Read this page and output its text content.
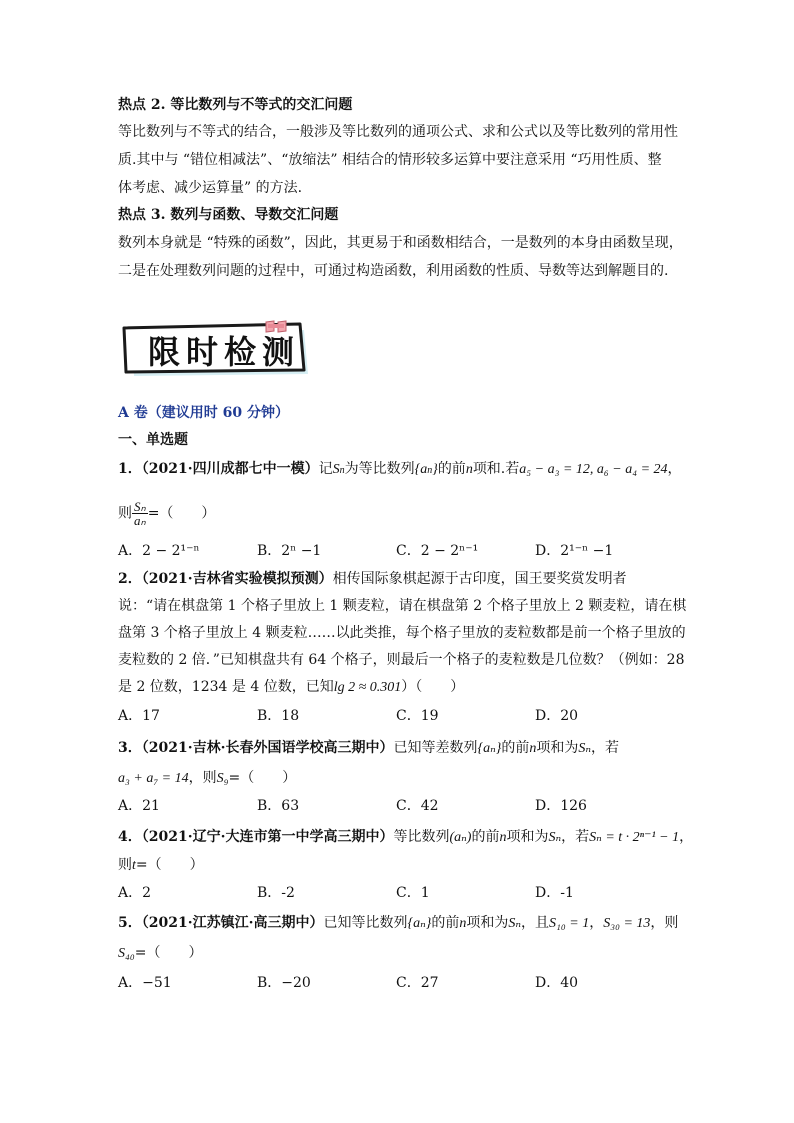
热点 2. 等比数列与不等式的交汇问题
等比数列与不等式的结合，一般涉及等比数列的通项公式、求和公式以及等比数列的常用性
质.其中与 “错位相减法”、“放缩法” 相结合的情形较多运算中要注意采用 “巧用性质、整
体考虑、减少运算量” 的方法.
热点 3. 数列与函数、导数交汇问题
数列本身就是 “特殊的函数”，因此，其更易于和函数相结合，一是数列的本身由函数呈现，
二是在处理数列问题的过程中，可通过构造函数，利用函数的性质、导数等达到解题目的.
限时检测
A 卷（建议用时 60 分钟）
一、单选题
1．（2021·四川成都七中一模）记Sn为等比数列{an}的前n项和.若a₅ − a₃ = 12, a₆ − a₄ = 24，
则 $\frac{\text{Sₙ}}{\text{aₙ}}$ =（　　）
A．2 − 2¹⁻ⁿ	B．2ⁿ −1	C．2 − 2ⁿ⁻¹	D．2¹⁻ⁿ −1
2．（2021·吉林省实验模拟预测）相传国际象棋起源于古印度，国王要奖赏发明者
说：“请在棋盘第 1 个格子里放上 1 颗麦粒，请在棋盘第 2 个格子里放上 2 颗麦粒，请在棋
盘第 3 个格子里放上 4 颗麦粒……以此类推，每个格子里放的麦粒数都是前一个格子里放的
麦粒数的 2 倍．”已知棋盘共有 64 个格子，则最后一个格子的麦粒数是几位数？（例如：28
是 2 位数，1234 是 4 位数，已知lg 2 ≈ 0.301）（　　）
A．17	B．18	C．19	D．20
3．（2021·吉林·长春外国语学校高三期中）已知等差数列{aₙ}的前n项和为Sₙ，若
a₃ + a₇ = 14，则S₉=（　　）
A．21	B．63	C．42	D．126
4．（2021·辽宁·大连市第一中学高三期中）等比数列(aₙ)的前n项和为Sₙ，若Sₙ = t · 2ⁿ⁻¹ − 1，
则t=（　　）
A．2	B．-2	C．1	D．-1
5．（2021·江苏镇江·高三期中）已知等比数列{aₙ}的前n项和为Sₙ，且S₁₀ = 1，S₃₀ = 13，则
S₄₀=（　　）
A．−51	B．−20	C．27	D．40
